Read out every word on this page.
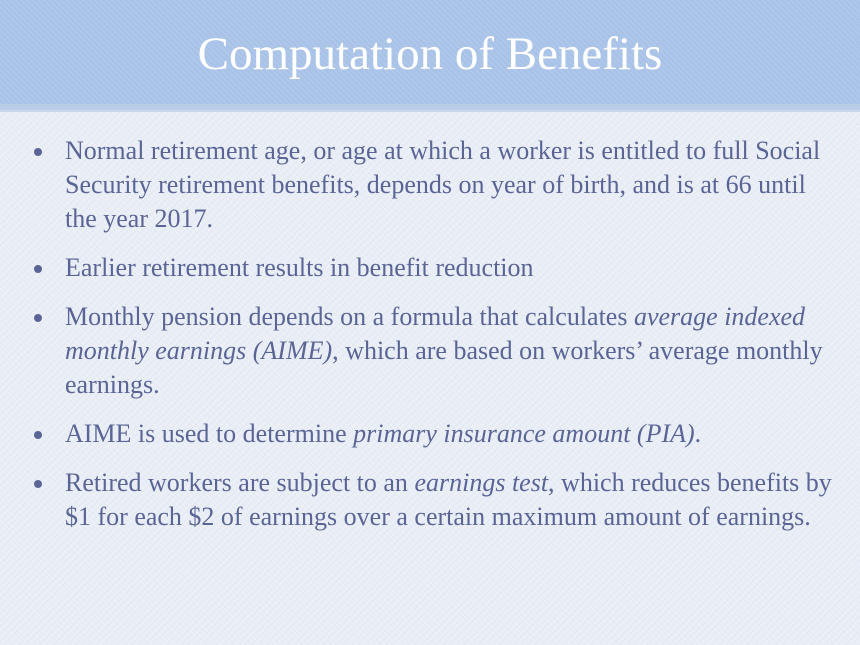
Computation of Benefits
Normal retirement age, or age at which a worker is entitled to full Social Security retirement benefits, depends on year of birth, and is at 66 until the year 2017.
Earlier retirement results in benefit reduction
Monthly pension depends on a formula that calculates average indexed monthly earnings (AIME), which are based on workers’ average monthly earnings.
AIME is used to determine primary insurance amount (PIA).
Retired workers are subject to an earnings test, which reduces benefits by $1 for each $2 of earnings over a certain maximum amount of earnings.
